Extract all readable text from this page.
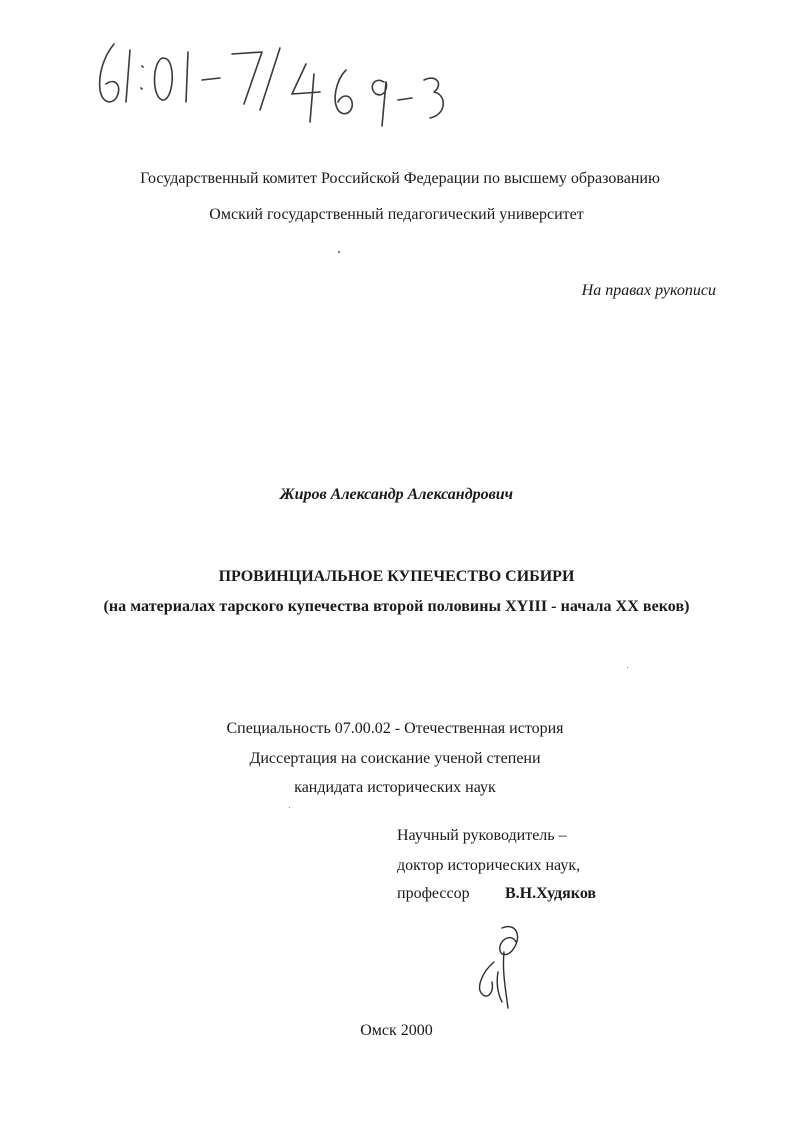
Государственный комитет Российской Федерации по высшему образованию
Омский государственный педагогический университет
На правах рукописи
Жиров Александр Александрович
ПРОВИНЦИАЛЬНОЕ КУПЕЧЕСТВО СИБИРИ
(на материалах тарского купечества второй половины XYIII - начала XX веков)
Специальность 07.00.02 - Отечественная история
Диссертация на соискание ученой степени
кандидата исторических наук
Научный руководитель –
доктор исторических наук,
профессор В.Н.Худяков
Омск 2000
